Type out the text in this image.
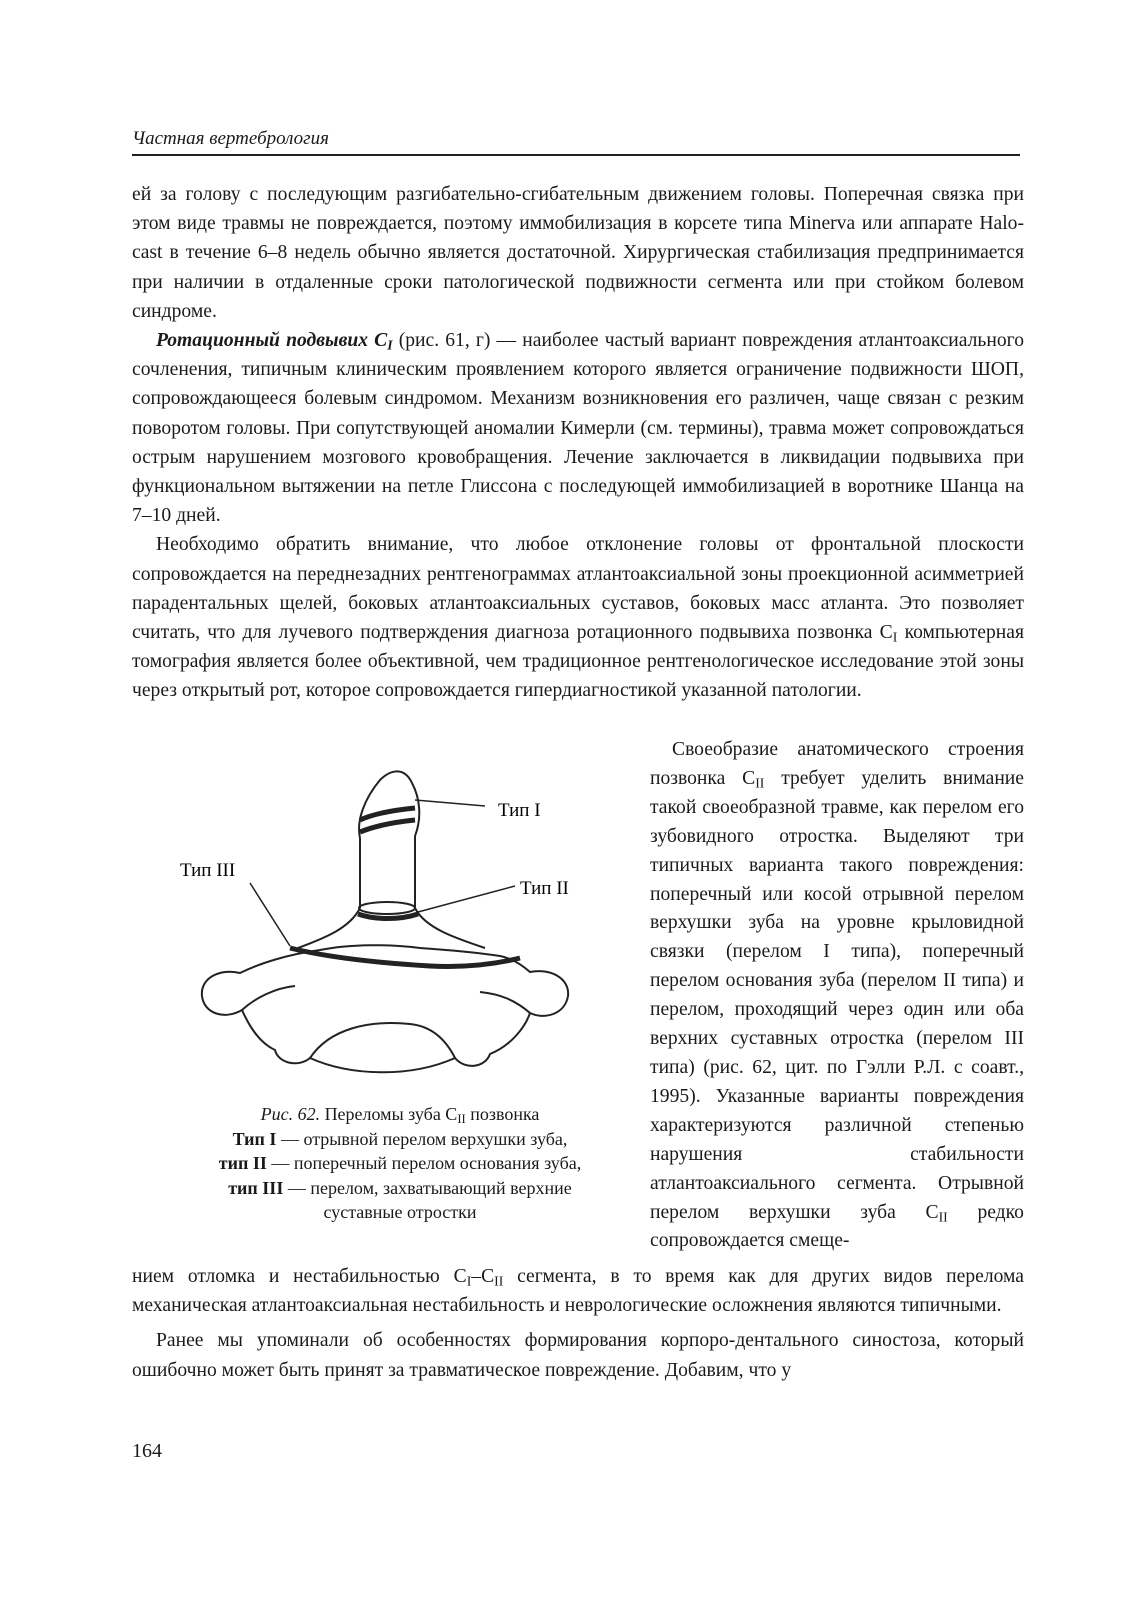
Частная вертебрология

ей за голову с последующим разгибательно-сгибательным движением головы. Поперечная связка при этом виде травмы не повреждается, поэтому иммобилизация в корсете типа Minerva или аппарате Halo-cast в течение 6–8 недель обычно является достаточной. Хирургическая стабилизация предпринимается при наличии в отдаленные сроки патологической подвижности сегмента или при стойком болевом синдроме.

Ротационный подвывих $C_I$ (рис. 61, г) — наиболее частый вариант повреждения атлантоаксиального сочленения, типичным клиническим проявлением которого является ограничение подвижности ШОП, сопровождающееся болевым синдромом. Механизм возникновения его различен, чаще связан с резким поворотом головы. При сопутствующей аномалии Кимерли (см. термины), травма может сопровождаться острым нарушением мозгового кровобращения. Лечение заключается в ликвидации подвывиха при функциональном вытяжении на петле Глиссона с последующей иммобилизацией в воротнике Шанца на 7–10 дней.

Необходимо обратить внимание, что любое отклонение головы от фронтальной плоскости сопровождается на переднезадних рентгенограммах атлантоаксиальной зоны проекционной асимметрией парадентальных щелей, боковых атлантоаксиальных суставов, боковых масс атланта. Это позволяет считать, что для лучевого подтверждения диагноза ротационного подвывиха позвонка $C_I$ компьютерная томография является более объективной, чем традиционное рентгенологическое исследование этой зоны через открытый рот, которое сопровождается гипердиагностикой указанной патологии.

Тип I
Тип II
Тип III
Рис. 62. Переломы зуба $C_{II}$ позвонка
Тип I — отрывной перелом верхушки зуба,
тип II — поперечный перелом основания зуба,
тип III — перелом, захватывающий верхние
суставные отростки

Своеобразие анатомического строения позвонка $C_{II}$ требует уделить внимание такой своеобразной травме, как перелом его зубовидного отростка. Выделяют три типичных варианта такого повреждения: поперечный или косой отрывной перелом верхушки зуба на уровне крыловидной связки (перелом I типа), поперечный перелом основания зуба (перелом II типа) и перелом, проходящий через один или оба верхних суставных отростка (перелом III типа) (рис. 62, цит. по Гэлли Р.Л. с соавт., 1995). Указанные варианты повреждения характеризуются различной степенью нарушения стабильности атлантоаксиального сегмента. Отрывной перелом верхушки зуба $C_{II}$ редко сопровождается смеще-

нием отломка и нестабильностью $C_I-C_{II}$ сегмента, в то время как для других видов перелома механическая атлантоаксиальная нестабильность и неврологические осложнения являются типичными.

Ранее мы упоминали об особенностях формирования корпоро-дентального синостоза, который ошибочно может быть принят за травматическое повреждение. Добавим, что у

164
